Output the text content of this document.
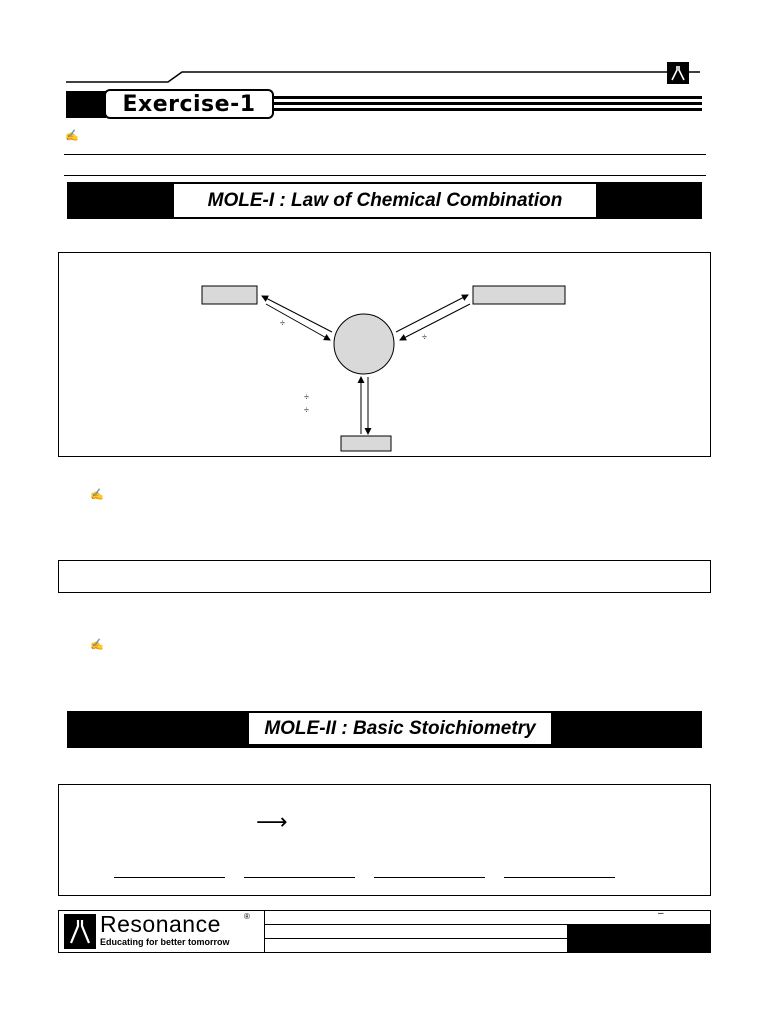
Exercise-1
✍
MOLE-I : Law of Chemical Combination
÷
÷
÷
÷
✍
✍
MOLE-II : Basic Stoichiometry
⟶
Resonance	®
Educating for better tomorrow
–
